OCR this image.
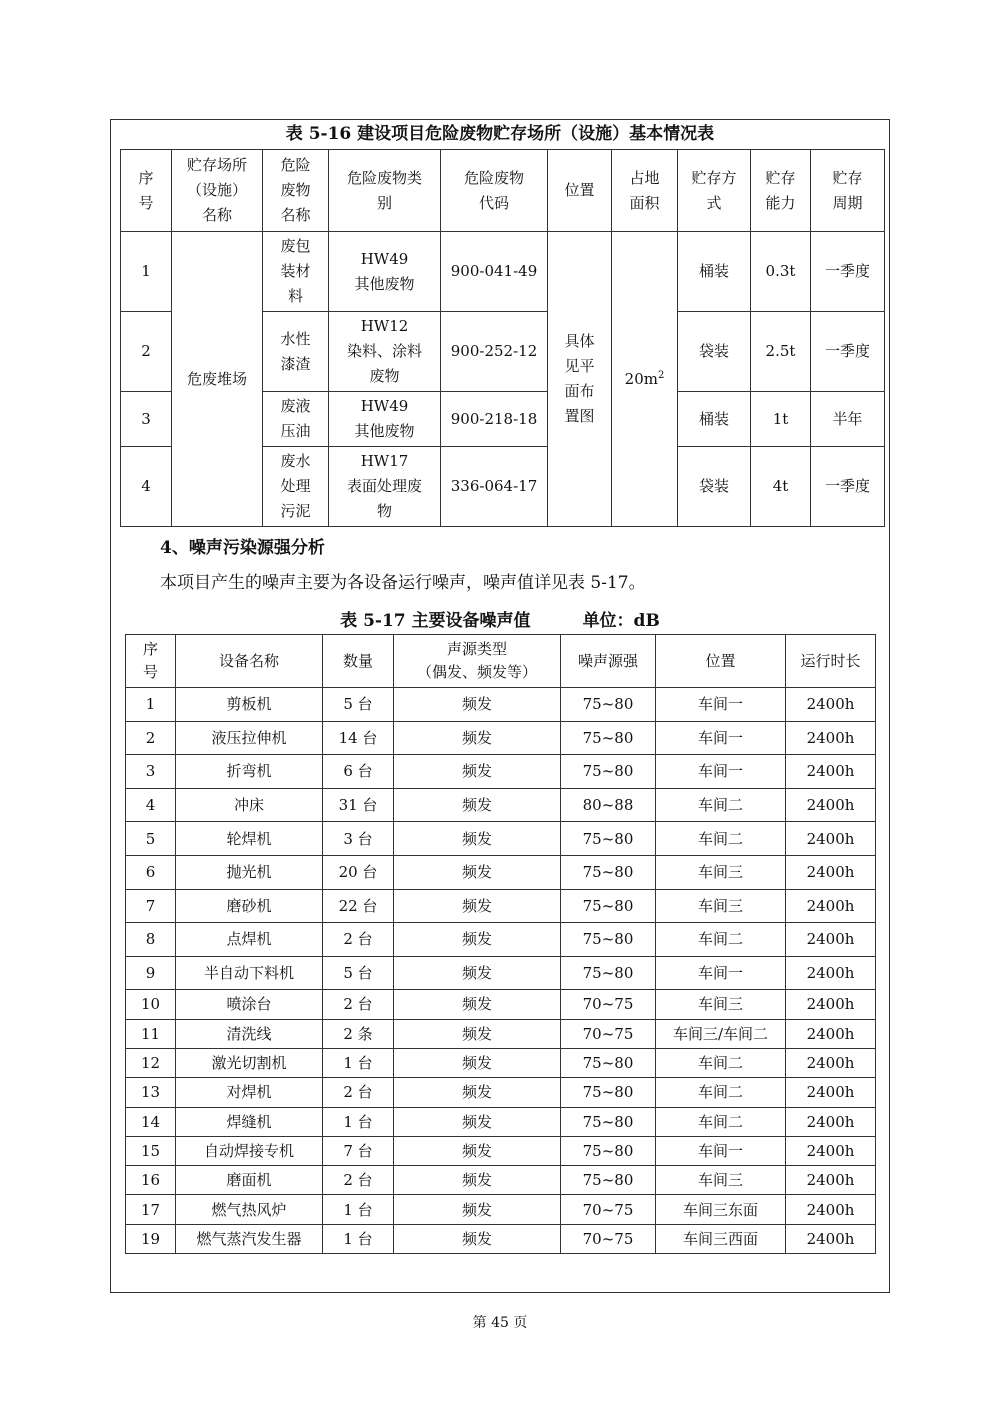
表 5-16 建设项目危险废物贮存场所（设施）基本情况表
序
号	贮存场所
（设施）
名称	危险
废物
名称	危险废物类
别	危险废物
代码	位置	占地
面积	贮存方
式	贮存
能力	贮存
周期

1	危废堆场	废包
装材
料	HW49
其他废物	900-041-49	具体
见平
面布
置图	$20m^2$	桶装	0.3t	一季度
2		水性
漆渣	HW12
染料、涂料
废物	900-252-12			袋装	2.5t	一季度
3		废液
压油	HW49
其他废物	900-218-18			桶装	1t	半年
4		废水
处理
污泥	HW17
表面处理废
物	336-064-17			袋装	4t	一季度
4、噪声污染源强分析
本项目产生的噪声主要为各设备运行噪声，噪声值详见表 5-17。
表 5-17 主要设备噪声值	单位：dB
序
号	设备名称	数量	声源类型
（偶发、频发等）	噪声源强	位置	运行时长

1	剪板机	5 台	频发	75~80	车间一	2400h
2	液压拉伸机	14 台	频发	75~80	车间一	2400h
3	折弯机	6 台	频发	75~80	车间一	2400h
4	冲床	31 台	频发	80~88	车间二	2400h
5	轮焊机	3 台	频发	75~80	车间二	2400h
6	抛光机	20 台	频发	75~80	车间三	2400h
7	磨砂机	22 台	频发	75~80	车间三	2400h
8	点焊机	2 台	频发	75~80	车间二	2400h
9	半自动下料机	5 台	频发	75~80	车间一	2400h
10	喷涂台	2 台	频发	70~75	车间三	2400h
11	清洗线	2 条	频发	70~75	车间三/车间二	2400h
12	激光切割机	1 台	频发	75~80	车间二	2400h
13	对焊机	2 台	频发	75~80	车间二	2400h
14	焊缝机	1 台	频发	75~80	车间二	2400h
15	自动焊接专机	7 台	频发	75~80	车间一	2400h
16	磨面机	2 台	频发	75~80	车间三	2400h
17	燃气热风炉	1 台	频发	70~75	车间三东面	2400h
19	燃气蒸汽发生器	1 台	频发	70~75	车间三西面	2400h
第 45 页
